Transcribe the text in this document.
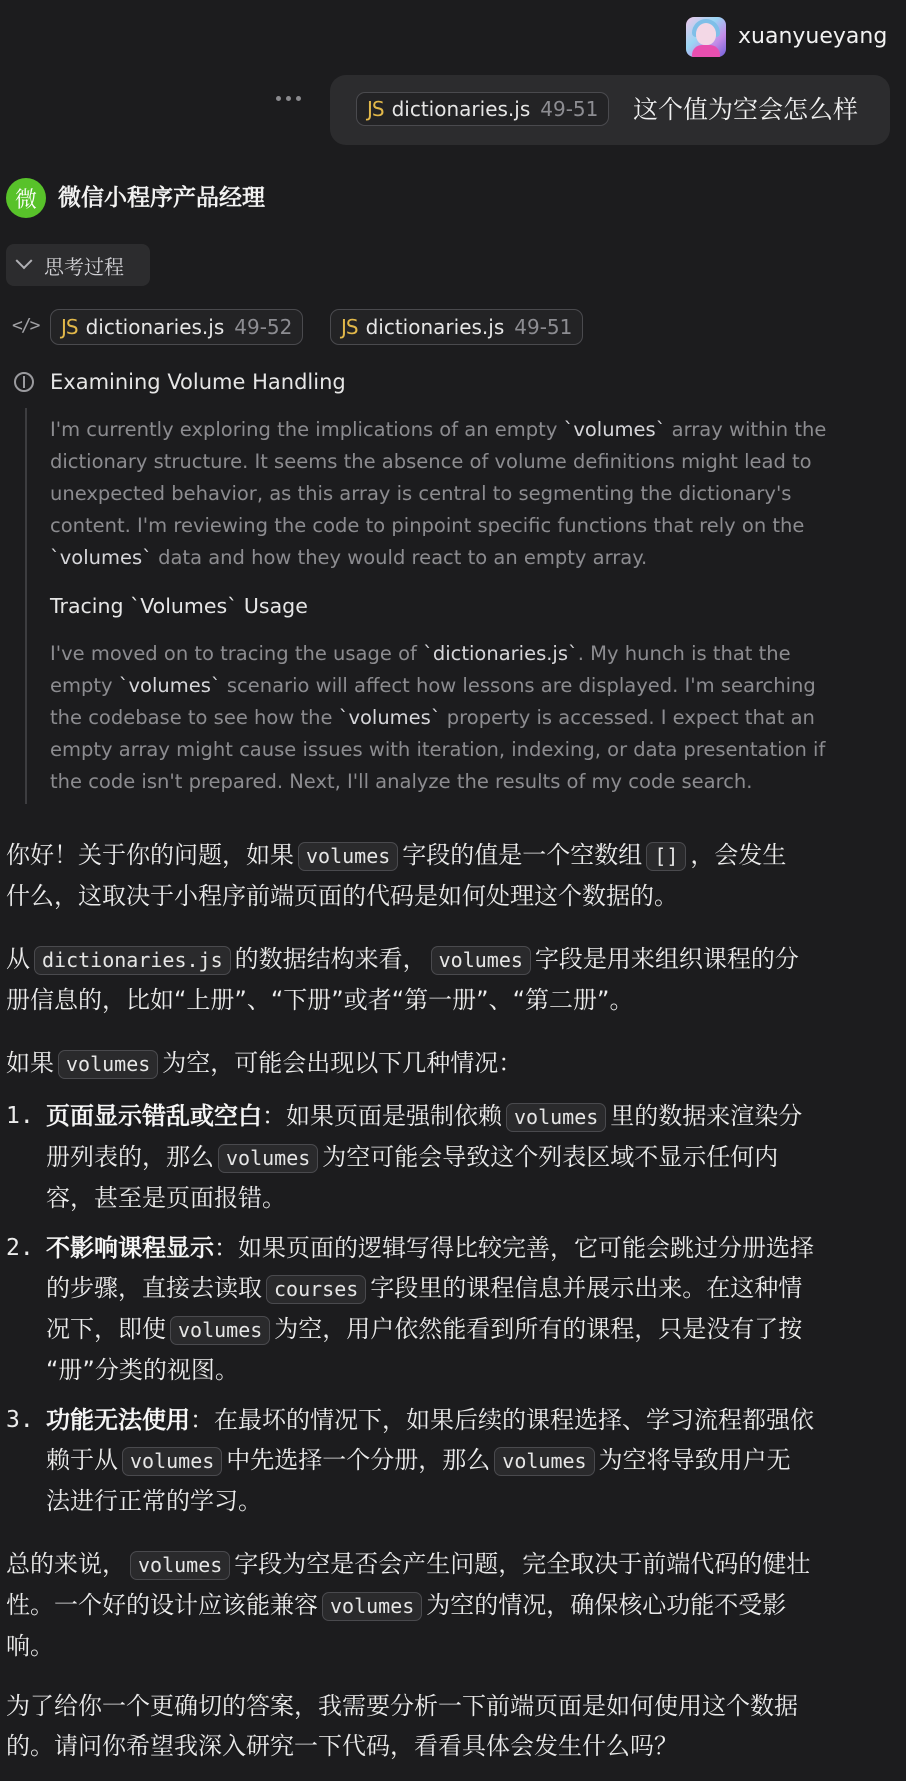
xuanyueyang
JS dictionaries.js 49-51 这个值为空会怎么样
微 微信小程序产品经理
思考过程
</> JS dictionaries.js 49-52 JS dictionaries.js 49-51
Examining Volume Handling
I'm currently exploring the implications of an empty `volumes` array within the
dictionary structure. It seems the absence of volume definitions might lead to
unexpected behavior, as this array is central to segmenting the dictionary's
content. I'm reviewing the code to pinpoint specific functions that rely on the
`volumes` data and how they would react to an empty array.
Tracing `Volumes` Usage
I've moved on to tracing the usage of `dictionaries.js`. My hunch is that the
empty `volumes` scenario will affect how lessons are displayed. I'm searching
the codebase to see how the `volumes` property is accessed. I expect that an
empty array might cause issues with iteration, indexing, or data presentation if
the code isn't prepared. Next, I'll analyze the results of my code search.
你好！关于你的问题，如果 volumes 字段的值是一个空数组 [] ，会发生
什么，这取决于小程序前端页面的代码是如何处理这个数据的。
从 dictionaries.js 的数据结构来看， volumes 字段是用来组织课程的分
册信息的，比如“上册”、“下册”或者“第一册”、“第二册”。
如果 volumes 为空，可能会出现以下几种情况：
1. 页面显示错乱或空白：如果页面是强制依赖 volumes 里的数据来渲染分
册列表的，那么 volumes 为空可能会导致这个列表区域不显示任何内
容，甚至是页面报错。
2. 不影响课程显示：如果页面的逻辑写得比较完善，它可能会跳过分册选择
的步骤，直接去读取 courses 字段里的课程信息并展示出来。在这种情
况下，即使 volumes 为空，用户依然能看到所有的课程，只是没有了按
“册”分类的视图。
3. 功能无法使用：在最坏的情况下，如果后续的课程选择、学习流程都强依
赖于从 volumes 中先选择一个分册，那么 volumes 为空将导致用户无
法进行正常的学习。
总的来说， volumes 字段为空是否会产生问题，完全取决于前端代码的健壮
性。一个好的设计应该能兼容 volumes 为空的情况，确保核心功能不受影
响。
为了给你一个更确切的答案，我需要分析一下前端页面是如何使用这个数据
的。请问你希望我深入研究一下代码，看看具体会发生什么吗？
